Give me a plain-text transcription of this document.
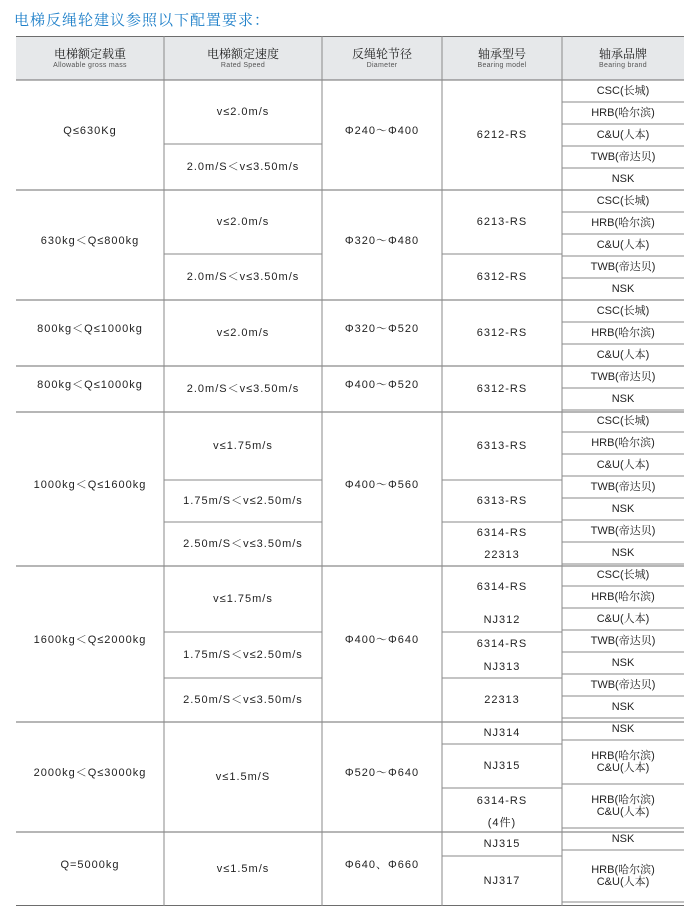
电梯反绳轮建议参照以下配置要求：
电梯额定载重
Allowable gross mass
电梯额定速度
Rated Speed
反绳轮节径
Diameter
轴承型号
Bearing model
轴承品牌
Bearing brand
Q≤630Kg
630kg＜Q≤800kg
800kg＜Q≤1000kg
800kg＜Q≤1000kg
1000kg＜Q≤1600kg
1600kg＜Q≤2000kg
2000kg＜Q≤3000kg
Q=5000kg
v≤2.0m/s
2.0m/S＜v≤3.50m/s
v≤2.0m/s
2.0m/S＜v≤3.50m/s
v≤2.0m/s
2.0m/S＜v≤3.50m/s
v≤1.75m/s
1.75m/S＜v≤2.50m/s
2.50m/S＜v≤3.50m/s
v≤1.75m/s
1.75m/S＜v≤2.50m/s
2.50m/S＜v≤3.50m/s
v≤1.5m/S
v≤1.5m/s
Φ240～Φ400
Φ320～Φ480
Φ320～Φ520
Φ400～Φ520
Φ400～Φ560
Φ400～Φ640
Φ520～Φ640
Φ640、Φ660
6212-RS
6213-RS
6312-RS
6312-RS
6312-RS
6313-RS
6313-RS
6314-RS
22313
6314-RS
NJ312
6314-RS
NJ313
22313
NJ314
NJ315
6314-RS
(4件)
NJ315
NJ317
CSC(长城)
HRB(哈尔滨)
C&U(人本)
TWB(帝达贝)
NSK
CSC(长城)
HRB(哈尔滨)
C&U(人本)
TWB(帝达贝)
NSK
CSC(长城)
HRB(哈尔滨)
C&U(人本)
TWB(帝达贝)
NSK
CSC(长城)
HRB(哈尔滨)
C&U(人本)
TWB(帝达贝)
NSK
TWB(帝达贝)
NSK
CSC(长城)
HRB(哈尔滨)
C&U(人本)
TWB(帝达贝)
NSK
TWB(帝达贝)
NSK
NSK
HRB(哈尔滨)
C&U(人本)
HRB(哈尔滨)
C&U(人本)
NSK
HRB(哈尔滨)
C&U(人本)
